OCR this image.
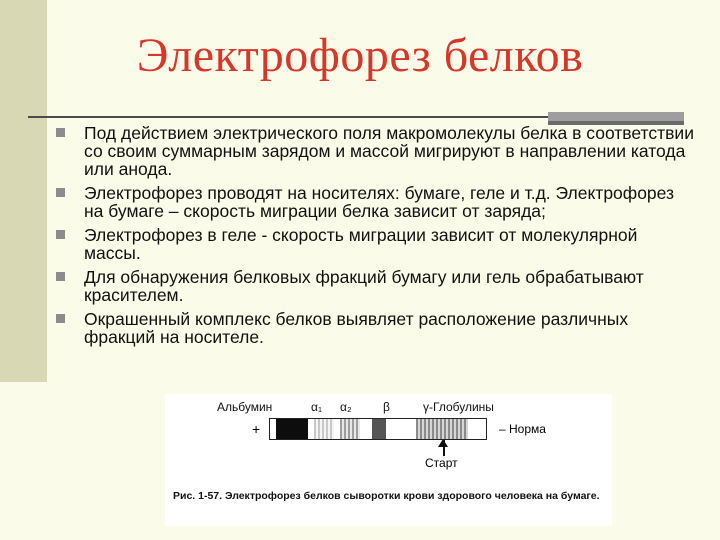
Электрофорез белков
Под действием электрического поля макромолекулы белка в соответствии со своим суммарным зарядом и массой мигрируют в направлении катода или анода.
Электрофорез проводят на носителях: бумаге, геле и т.д. Электрофорез на бумаге – скорость миграции белка зависит от заряда;
Электрофорез в геле - скорость миграции зависит от молекулярной массы.
Для обнаружения белковых фракций бумагу или гель обрабатывают красителем.
Окрашенный комплекс белков выявляет расположение различных фракций на носителе.
Альбумин	α₁ α₂	β	γ-Глобулины
+	– Норма
Старт
Рис. 1-57. Электрофорез белков сыворотки крови здорового человека на бумаге.
